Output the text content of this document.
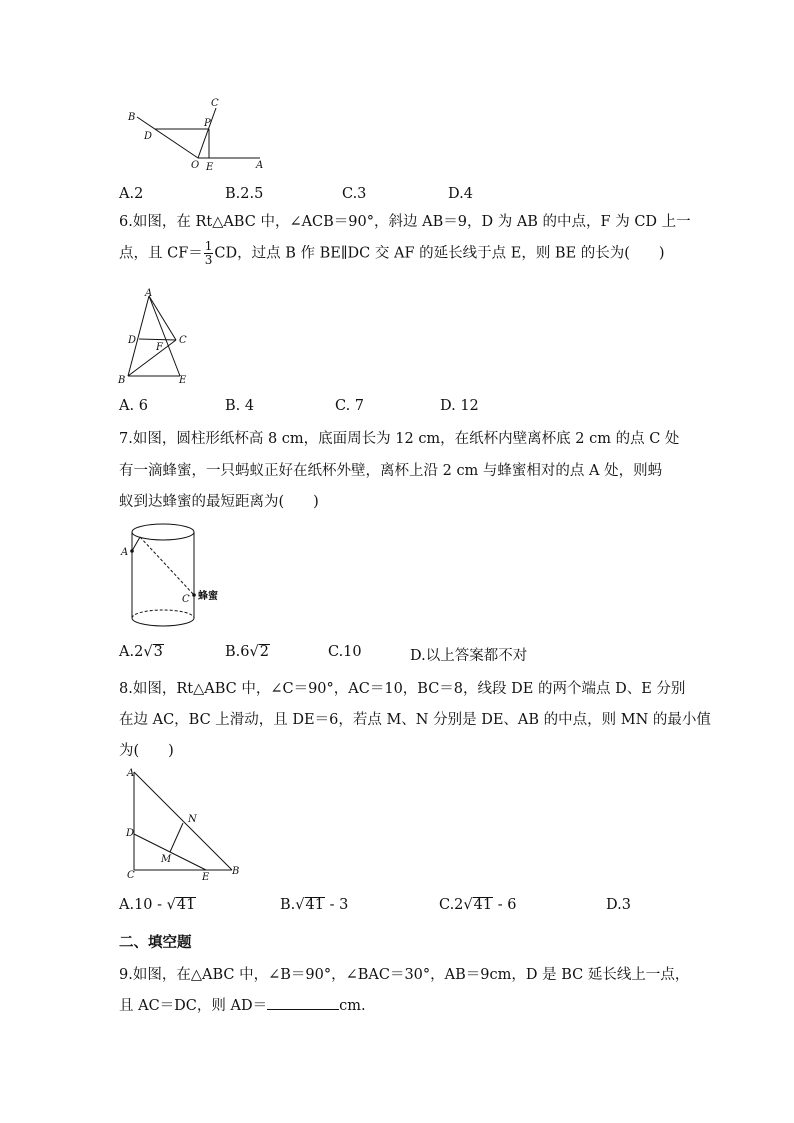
B
C
D
P
O E	A
A.2	B.2.5	C.3	D.4
6.如图，在 Rt△ABC 中，∠ACB＝90°，斜边 AB＝9，D 为 AB 的中点，F 为 CD 上一
点，且 $CF= \frac{1}{3}$ CD，过点 B 作 BE∥DC 交 AF 的延长线于点 E，则 BE 的长为(　　)
A
D	C
F
B	E
A. 6	B. 4	C. 7	D. 12
7.如图，圆柱形纸杯高 8 cm，底面周长为 12 cm，在纸杯内壁离杯底 2 cm 的点 C 处
有一滴蜂蜜，一只蚂蚁正好在纸杯外壁，离杯上沿 2 cm 与蜂蜜相对的点 A 处，则蚂
蚁到达蜂蜜的最短距离为(　　)
A
C 蜂蜜
A.2√3	B.6√2	C.10	D.以上答案都不对
8.如图，Rt△ABC 中，∠C＝90°，AC＝10，BC＝8，线段 DE 的两个端点 D、E 分别
在边 AC，BC 上滑动，且 DE＝6，若点 M、N 分别是 DE、AB 的中点，则 MN 的最小值
为(　　)
A
N
D
M
C	E
B
A.10 - √41	B.√41 - 3	C.2√41 - 6	D.3
二、填空题
9.如图，在△ABC 中，∠B＝90°，∠BAC＝30°，AB＝9cm，D 是 BC 延长线上一点，
且 AC＝DC，则 AD＝	cm.
